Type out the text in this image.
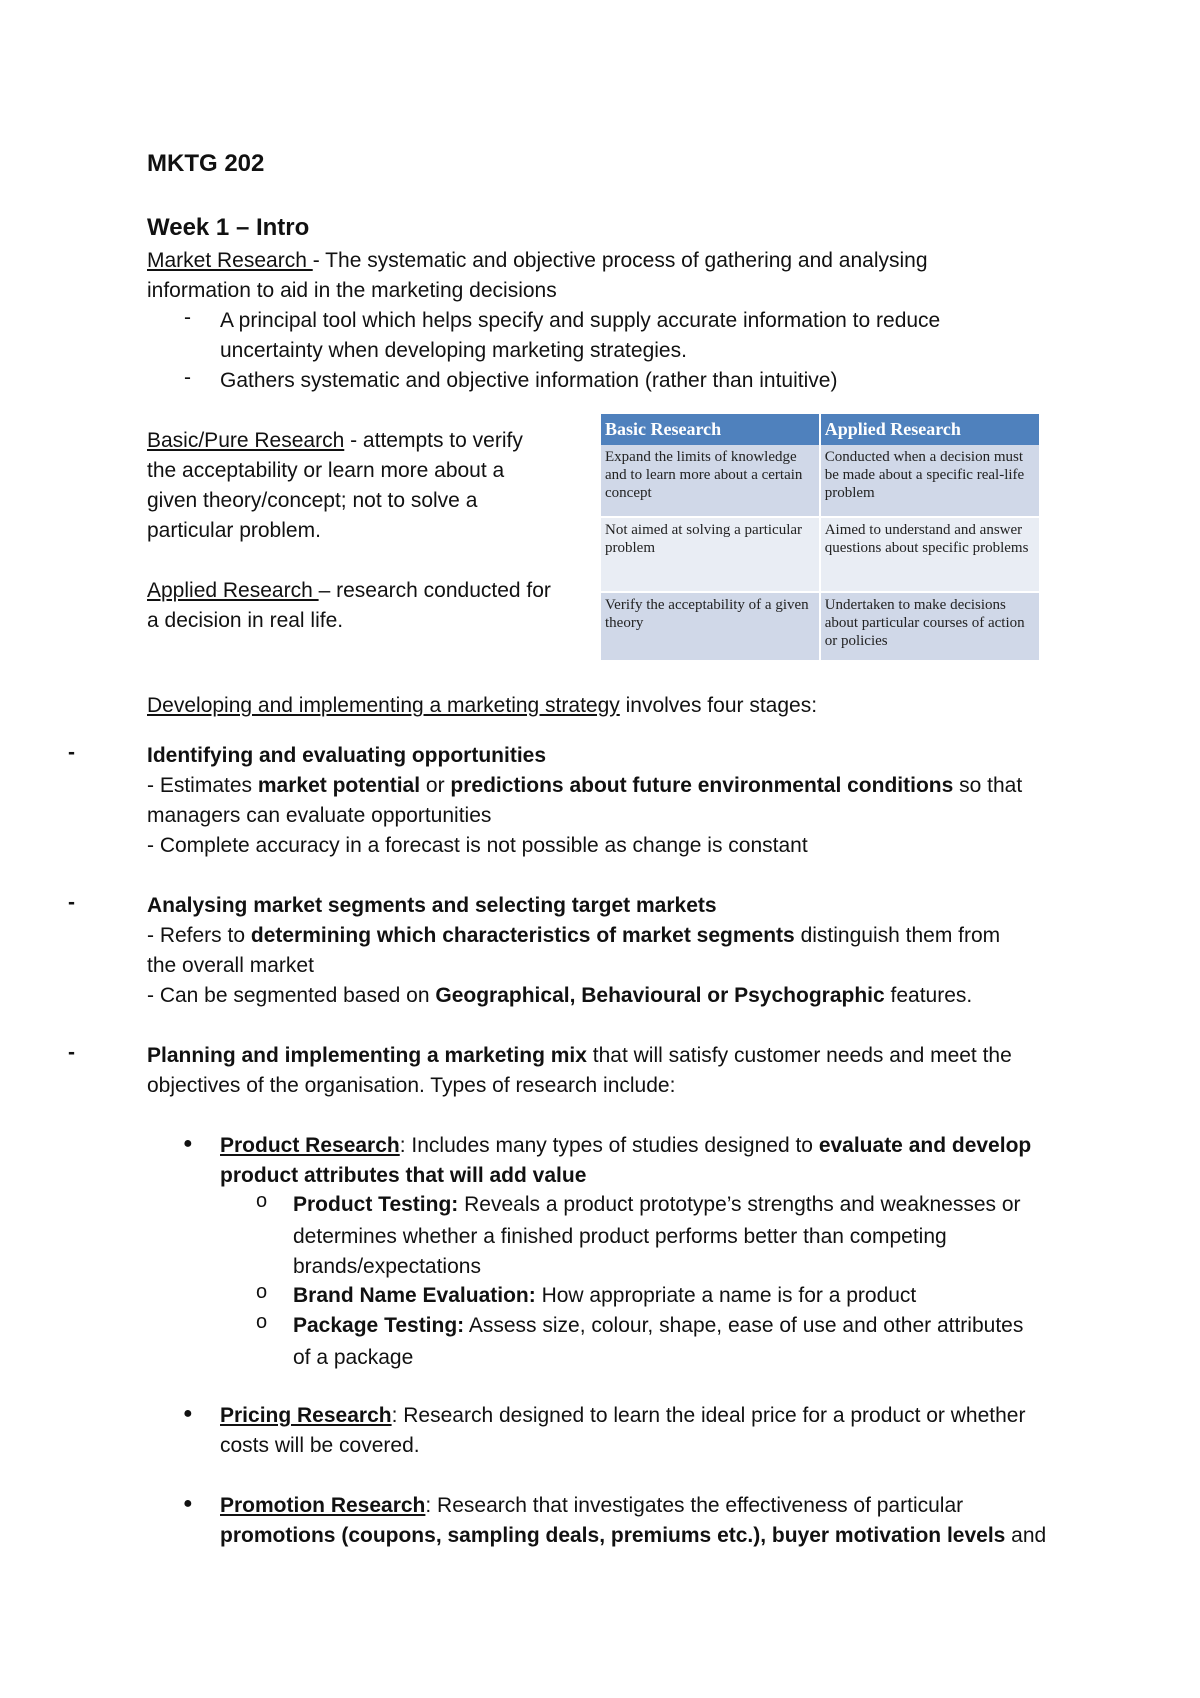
MKTG 202
Week 1 – Intro
Market Research - The systematic and objective process of gathering and analysing
information to aid in the marketing decisions
- A principal tool which helps specify and supply accurate information to reduce
uncertainty when developing marketing strategies.
- Gathers systematic and objective information (rather than intuitive)
Basic/Pure Research - attempts to verify
the acceptability or learn more about a
given theory/concept; not to solve a
particular problem.
Applied Research – research conducted for
a decision in real life.
Basic Research	Applied Research
Expand the limits of knowledge and to learn more about a certain concept	Conducted when a decision must be made about a specific real-life problem
Not aimed at solving a particular problem	Aimed to understand and answer questions about specific problems
Verify the acceptability of a given theory	Undertaken to make decisions about particular courses of action or policies
Developing and implementing a marketing strategy involves four stages:
-	Identifying and evaluating opportunities
- Estimates market potential or predictions about future environmental conditions so that
managers can evaluate opportunities
- Complete accuracy in a forecast is not possible as change is constant
-	Analysing market segments and selecting target markets
- Refers to determining which characteristics of market segments distinguish them from
the overall market
- Can be segmented based on Geographical, Behavioural or Psychographic features.
-	Planning and implementing a marketing mix that will satisfy customer needs and meet the
objectives of the organisation. Types of research include:
● Product Research: Includes many types of studies designed to evaluate and develop
product attributes that will add value
o Product Testing: Reveals a product prototype’s strengths and weaknesses or
determines whether a finished product performs better than competing
brands/expectations
o Brand Name Evaluation: How appropriate a name is for a product
o Package Testing: Assess size, colour, shape, ease of use and other attributes
of a package
● Pricing Research: Research designed to learn the ideal price for a product or whether
costs will be covered.
● Promotion Research: Research that investigates the effectiveness of particular
promotions (coupons, sampling deals, premiums etc.), buyer motivation levels and
